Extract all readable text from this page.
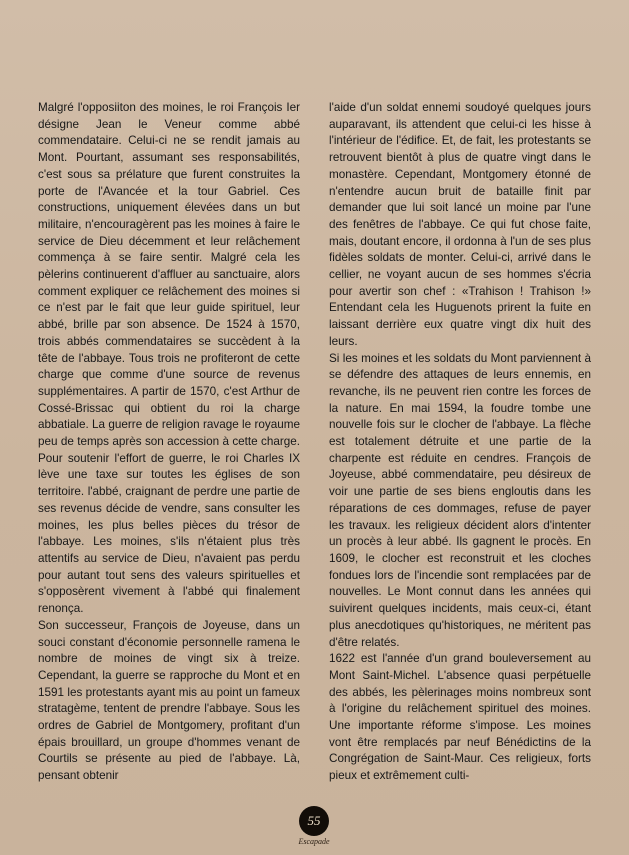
Malgré l'opposiiton des moines, le roi François Ier désigne Jean le Veneur comme abbé commendataire. Celui-ci ne se rendit jamais au Mont. Pourtant, assumant ses responsabilités, c'est sous sa prélature que furent construites la porte de l'Avancée et la tour Gabriel. Ces constructions, uniquement élevées dans un but militaire, n'encouragèrent pas les moines à faire le service de Dieu décemment et leur relâchement commença à se faire sentir. Malgré cela les pèlerins continuerent d'affluer au sanctuaire, alors comment expliquer ce relâchement des moines si ce n'est par le fait que leur guide spirituel, leur abbé, brille par son absence. De 1524 à 1570, trois abbés commendataires se succèdent à la tête de l'abbaye. Tous trois ne profiteront de cette charge que comme d'une source de revenus supplémentaires. A partir de 1570, c'est Arthur de Cossé-Brissac qui obtient du roi la charge abbatiale. La guerre de religion ravage le royaume peu de temps après son accession à cette charge. Pour soutenir l'effort de guerre, le roi Charles IX lève une taxe sur toutes les églises de son territoire. l'abbé, craignant de perdre une partie de ses revenus décide de vendre, sans consulter les moines, les plus belles pièces du trésor de l'abbaye. Les moines, s'ils n'étaient plus très attentifs au service de Dieu, n'avaient pas perdu pour autant tout sens des valeurs spirituelles et s'opposèrent vivement à l'abbé qui finalement renonça.

Son successeur, François de Joyeuse, dans un souci constant d'économie personnelle ramena le nombre de moines de vingt six à treize. Cependant, la guerre se rapproche du Mont et en 1591 les protestants ayant mis au point un fameux stratagème, tentent de prendre l'abbaye. Sous les ordres de Gabriel de Montgomery, profitant d'un épais brouillard, un groupe d'hommes venant de Courtils se présente au pied de l'abbaye. Là, pensant obtenir

l'aide d'un soldat ennemi soudoyé quelques jours auparavant, ils attendent que celui-ci les hisse à l'intérieur de l'édifice. Et, de fait, les protestants se retrouvent bientôt à plus de quatre vingt dans le monastère. Cependant, Montgomery étonné de n'entendre aucun bruit de bataille finit par demander que lui soit lancé un moine par l'une des fenêtres de l'abbaye. Ce qui fut chose faite, mais, doutant encore, il ordonna à l'un de ses plus fidèles soldats de monter. Celui-ci, arrivé dans le cellier, ne voyant aucun de ses hommes s'écria pour avertir son chef : «Trahison ! Trahison !» Entendant cela les Huguenots prirent la fuite en laissant derrière eux quatre vingt dix huit des leurs.

Si les moines et les soldats du Mont parviennent à se défendre des attaques de leurs ennemis, en revanche, ils ne peuvent rien contre les forces de la nature. En mai 1594, la foudre tombe une nouvelle fois sur le clocher de l'abbaye. La flèche est totalement détruite et une partie de la charpente est réduite en cendres. François de Joyeuse, abbé commendataire, peu désireux de voir une partie de ses biens engloutis dans les réparations de ces dommages, refuse de payer les travaux. les religieux décident alors d'intenter un procès à leur abbé. Ils gagnent le procès. En 1609, le clocher est reconstruit et les cloches fondues lors de l'incendie sont remplacées par de nouvelles. Le Mont connut dans les années qui suivirent quelques incidents, mais ceux-ci, étant plus anecdotiques qu'historiques, ne méritent pas d'être relatés.

1622 est l'année d'un grand bouleversement au Mont Saint-Michel. L'absence quasi perpétuelle des abbés, les pèlerinages moins nombreux sont à l'origine du relâchement spirituel des moines. Une importante réforme s'impose. Les moines vont être remplacés par neuf Bénédictins de la Congrégation de Saint-Maur. Ces religieux, forts pieux et extrêmement culti-

55
Escapade
